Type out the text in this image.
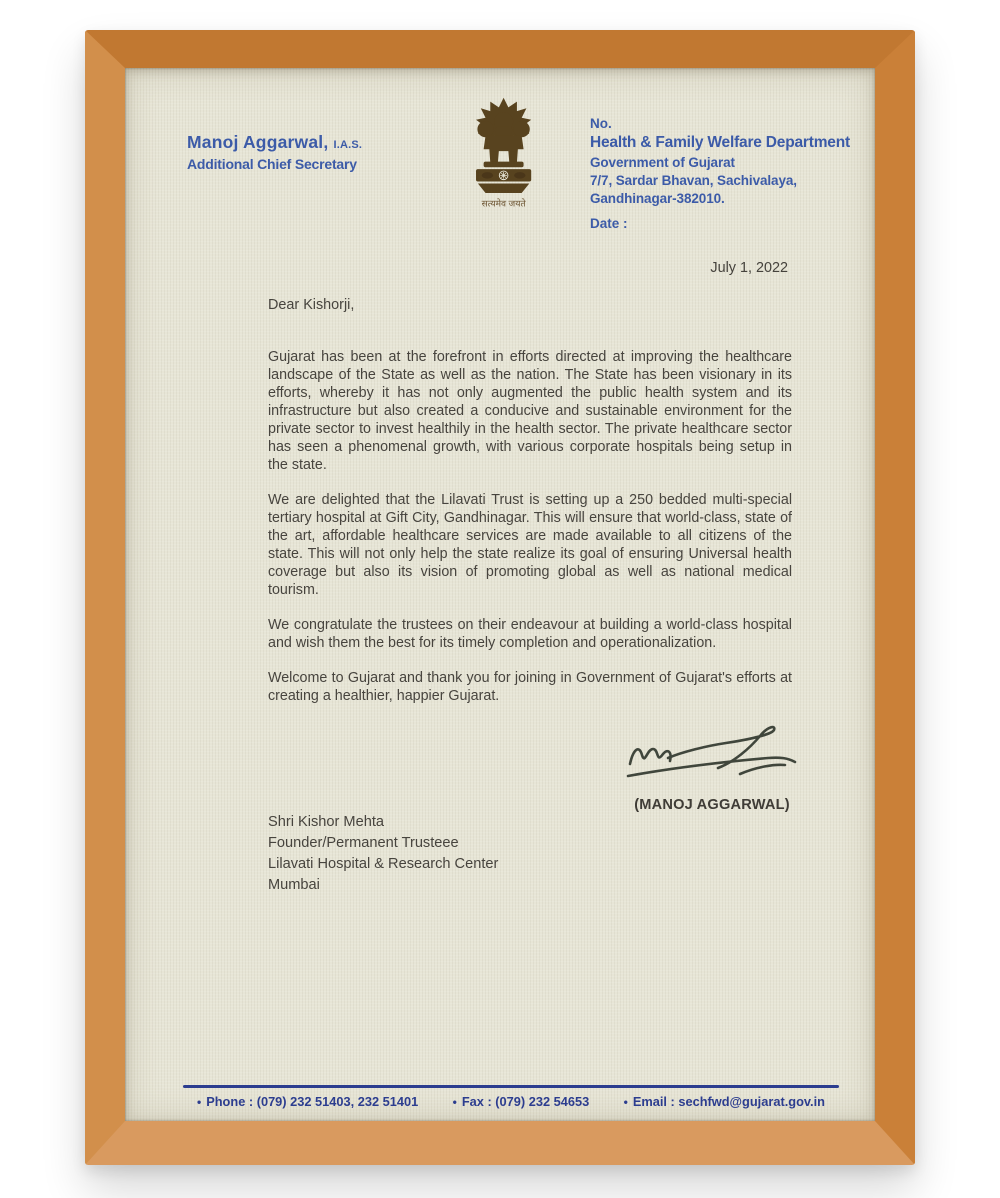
Manoj Aggarwal, I.A.S.
Additional Chief Secretary
सत्यमेव जयते
No.
Health & Family Welfare Department
Government of Gujarat
7/7, Sardar Bhavan, Sachivalaya,
Gandhinagar-382010.
Date :
July 1, 2022

Dear Kishorji,

Gujarat has been at the forefront in efforts directed at improving the healthcare landscape of the State as well as the nation. The State has been visionary in its efforts, whereby it has not only augmented the public health system and its infrastructure but also created a conducive and sustainable environment for the private sector to invest healthily in the health sector. The private healthcare sector has seen a phenomenal growth, with various corporate hospitals being setup in the state.

We are delighted that the Lilavati Trust is setting up a 250 bedded multi-special tertiary hospital at Gift City, Gandhinagar. This will ensure that world-class, state of the art, affordable healthcare services are made available to all citizens of the state. This will not only help the state realize its goal of ensuring Universal health coverage but also its vision of promoting global as well as national medical tourism.

We congratulate the trustees on their endeavour at building a world-class hospital and wish them the best for its timely completion and operationalization.

Welcome to Gujarat and thank you for joining in Government of Gujarat's efforts at creating a healthier, happier Gujarat.

(MANOJ AGGARWAL)
Shri Kishor Mehta
Founder/Permanent Trusteee
Lilavati Hospital & Research Center
Mumbai
• Phone : (079) 232 51403, 232 51401	• Fax : (079) 232 54653	• Email : sechfwd@gujarat.gov.in
